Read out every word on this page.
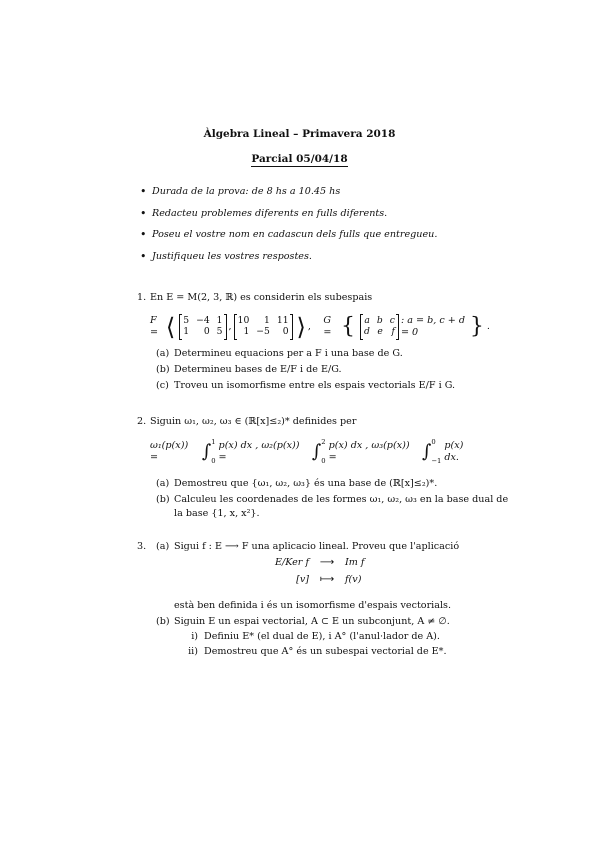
Àlgebra Lineal – Primavera 2018
Parcial 05/04/18
• Durada de la prova: de 8 hs a 10.45 hs
• Redacteu problemes diferents en fulls diferents.
• Poseu el vostre nom en cadascun dels fulls que entregueu.
• Justifiqueu les vostres respostes.
1. En E = M(2, 3, ℝ) es considerin els subespais
F = ⟨ 5 −4 1
1	0 5 ,
10	1 11
1 −5	0 ⟩ ,
G = {	a b c
d e f
: a = b, c + d = 0	} .
(a) Determineu equacions per a F i una base de G.
(b) Determineu bases de E/F i de E/G.
(c) Troveu un isomorfisme entre els espais vectorials E/F i G.
2. Siguin ω₁, ω₂, ω₃ ∈ (ℝ[x]≤₂)* definides per
ω₁(p(x)) =	∫ 1
0
p(x) dx , ω₂(p(x)) =	∫ 2
0
p(x) dx , ω₃(p(x)) =	∫ 0
−1
p(x) dx.
(a) Demostreu que {ω₁, ω₂, ω₃} és una base de (ℝ[x]≤₂)*.
(b) Calculeu les coordenades de les formes ω₁, ω₂, ω₃ en la base dual de
la base {1, x, x²}.
3. (a) Sigui f : E ⟶ F una aplicacio lineal. Proveu que l'aplicació
E/Ker f	⟶	Im f
[v]	⟼	f(v)
està ben definida i és un isomorfisme d'espais vectorials.
(b) Siguin E un espai vectorial, A ⊂ E un subconjunt, A ≠ ∅.
i) Definiu E* (el dual de E), i A° (l'anul·lador de A).
ii) Demostreu que A° és un subespai vectorial de E*.
